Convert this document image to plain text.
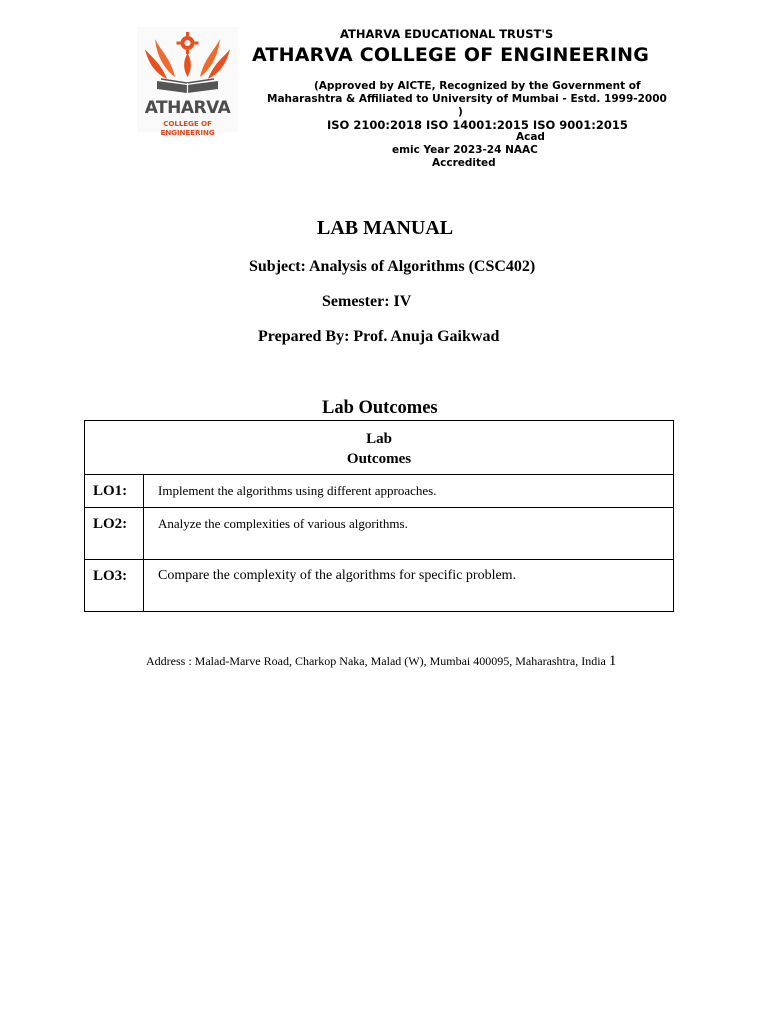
ATHARVA
COLLEGE OF ENGINEERING
ATHARVA EDUCATIONAL TRUST'S
ATHARVA COLLEGE OF ENGINEERING
(Approved by AICTE, Recognized by the Government of
Maharashtra & Affiliated to University of Mumbai - Estd. 1999-2000
)
ISO 2100:2018 ISO 14001:2015 ISO 9001:2015
Acad
emic Year 2023-24 NAAC
Accredited
LAB MANUAL
Subject: Analysis of Algorithms (CSC402)
Semester: IV
Prepared By: Prof. Anuja Gaikwad
Lab Outcomes
Lab
Outcomes	

LO1:	Implement the algorithms using different approaches.
LO2:	Analyze the complexities of various algorithms.
LO3:	Compare the complexity of the algorithms for specific problem.
Address : Malad-Marve Road, Charkop Naka, Malad (W), Mumbai 400095, Maharashtra, India 1
